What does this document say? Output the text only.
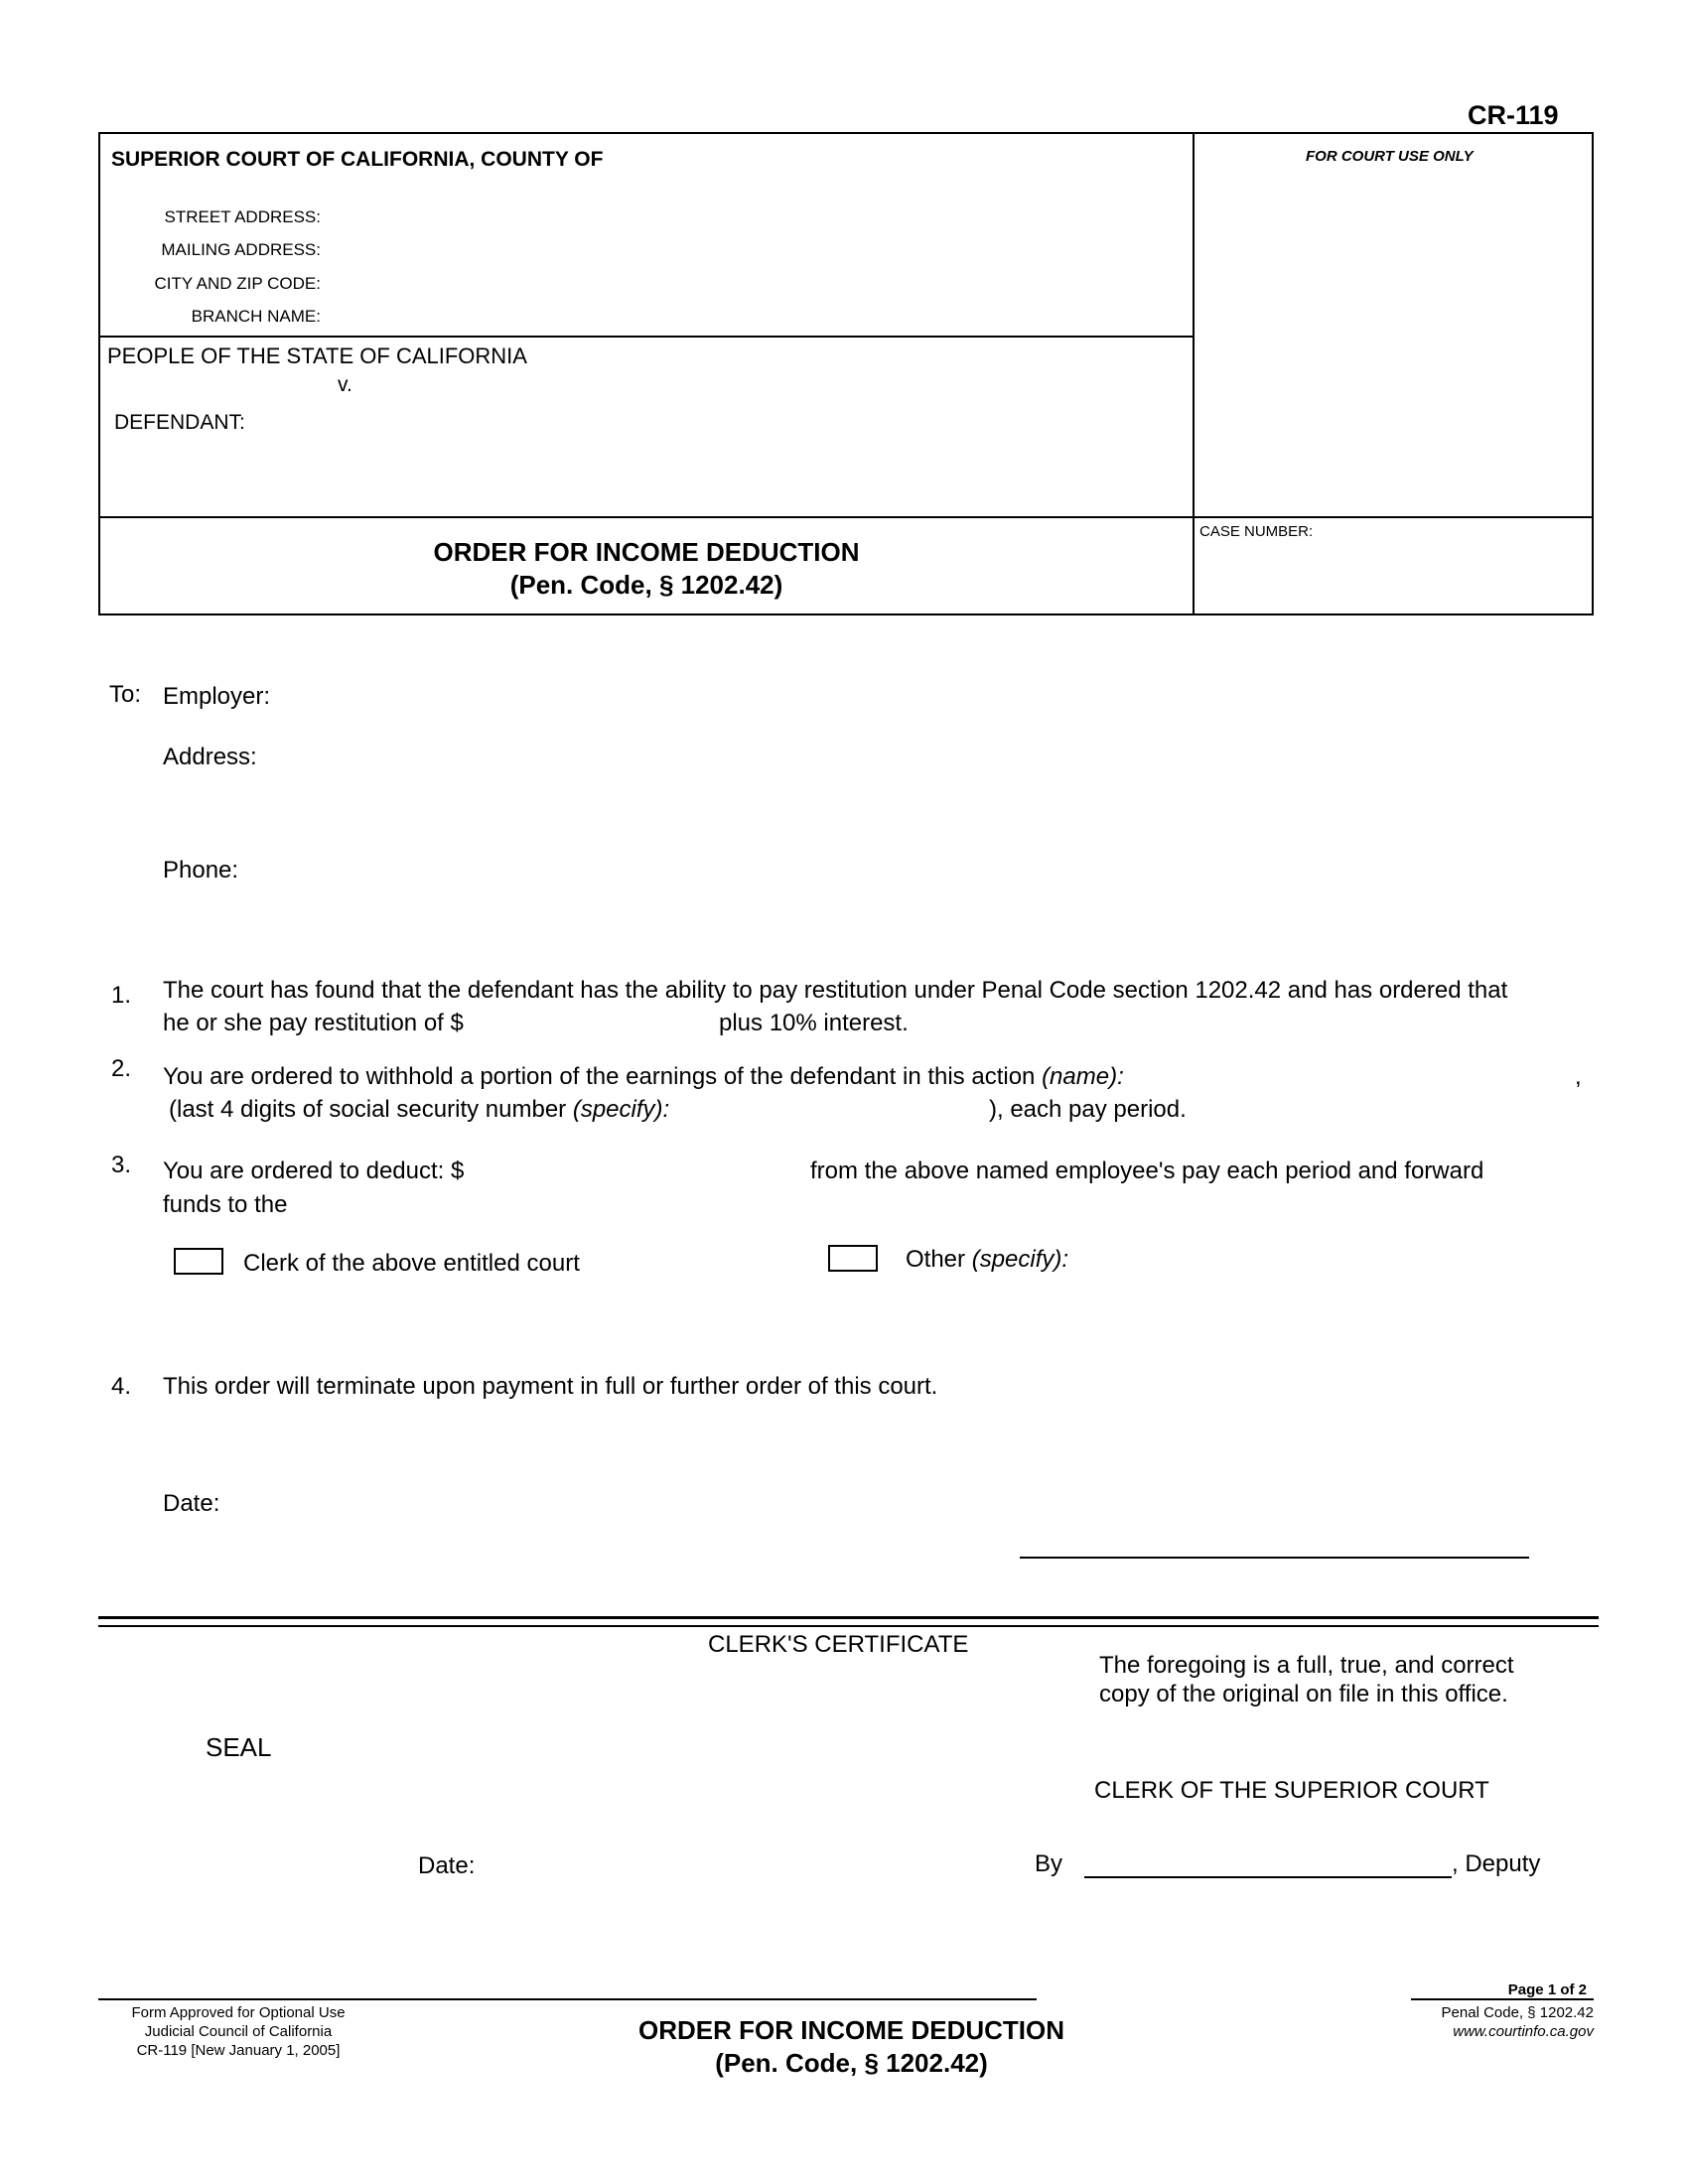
CR-119
SUPERIOR COURT OF CALIFORNIA, COUNTY OF	FOR COURT USE ONLY
STREET ADDRESS:
MAILING ADDRESS:
CITY AND ZIP CODE:
BRANCH NAME:
PEOPLE OF THE STATE OF CALIFORNIA
v.
DEFENDANT:
CASE NUMBER:
ORDER FOR INCOME DEDUCTION
(Pen. Code, § 1202.42)
To: Employer:
Address:
Phone:
1. The court has found that the defendant has the ability to pay restitution under Penal Code section 1202.42 and has ordered that
he or she pay restitution of $	plus 10% interest.
2. You are ordered to withhold a portion of the earnings of the defendant in this action (name):	,
(last 4 digits of social security number (specify):	), each pay period.
3. You are ordered to deduct: $	from the above named employee's pay each period and forward
funds to the
Clerk of the above entitled court	Other (specify):
4. This order will terminate upon payment in full or further order of this court.
Date:
CLERK'S CERTIFICATE
The foregoing is a full, true, and correct
copy of the original on file in this office.
SEAL
CLERK OF THE SUPERIOR COURT
Date:	By	, Deputy
Form Approved for Optional Use
Judicial Council of California
CR-119 [New January 1, 2005]
ORDER FOR INCOME DEDUCTION
(Pen. Code, § 1202.42)
Page 1 of 2
Penal Code, § 1202.42
www.courtinfo.ca.gov
